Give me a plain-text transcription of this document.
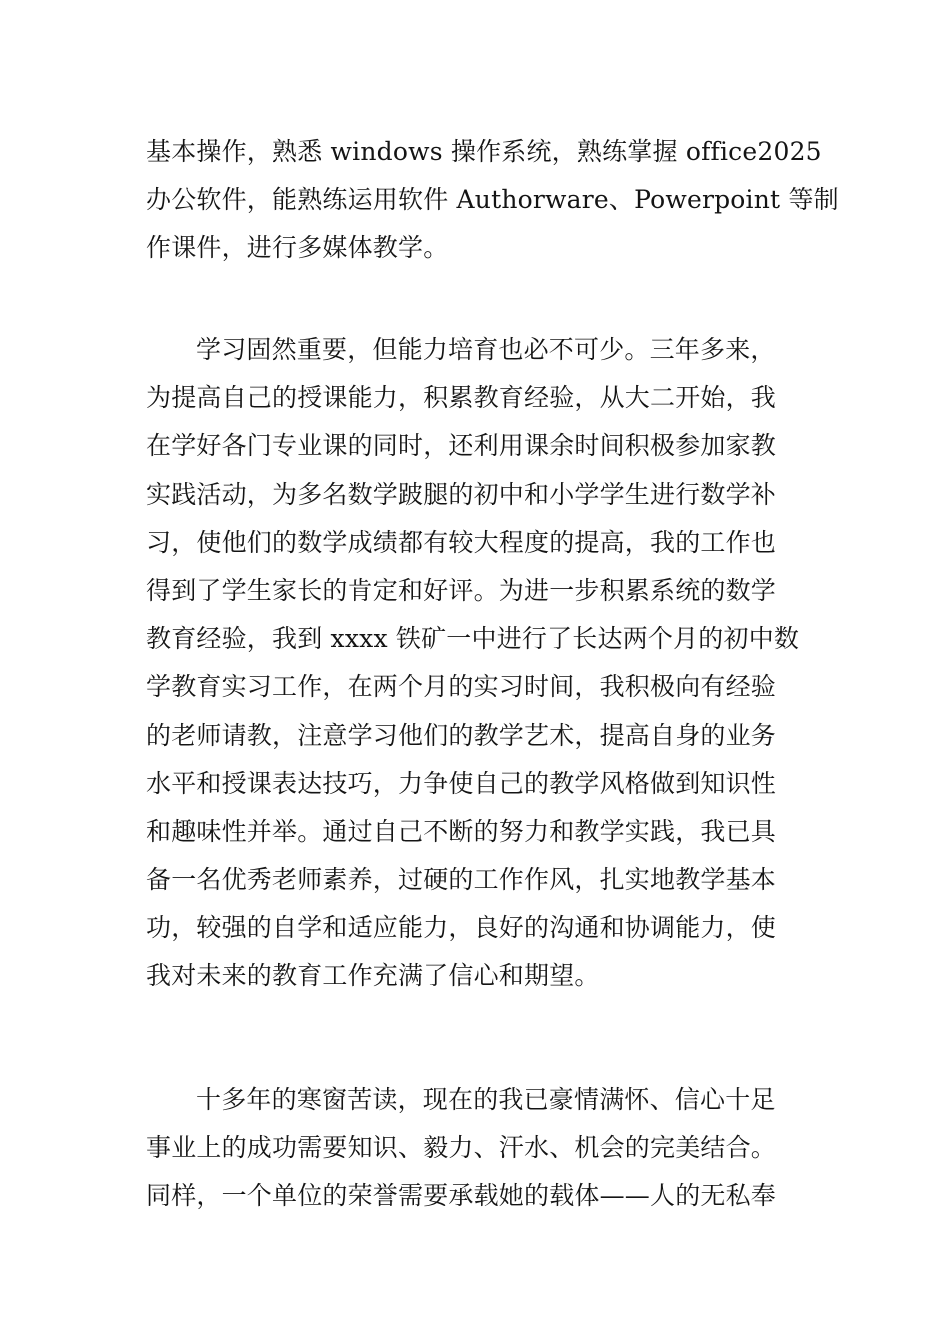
基本操作，熟悉 windows 操作系统，熟练掌握 office2025
办公软件，能熟练运用软件 Authorware、Powerpoint 等制
作课件，进行多媒体教学。
学习固然重要，但能力培育也必不可少。三年多来，
为提高自己的授课能力，积累教育经验，从大二开始，我
在学好各门专业课的同时，还利用课余时间积极参加家教
实践活动，为多名数学跛腿的初中和小学学生进行数学补
习，使他们的数学成绩都有较大程度的提高，我的工作也
得到了学生家长的肯定和好评。为进一步积累系统的数学
教育经验，我到 xxxx 铁矿一中进行了长达两个月的初中数
学教育实习工作，在两个月的实习时间，我积极向有经验
的老师请教，注意学习他们的教学艺术，提高自身的业务
水平和授课表达技巧，力争使自己的教学风格做到知识性
和趣味性并举。通过自己不断的努力和教学实践，我已具
备一名优秀老师素养，过硬的工作作风，扎实地教学基本
功，较强的自学和适应能力，良好的沟通和协调能力，使
我对未来的教育工作充满了信心和期望。
十多年的寒窗苦读，现在的我已豪情满怀、信心十足
事业上的成功需要知识、毅力、汗水、机会的完美结合。
同样，一个单位的荣誉需要承载她的载体——人的无私奉
